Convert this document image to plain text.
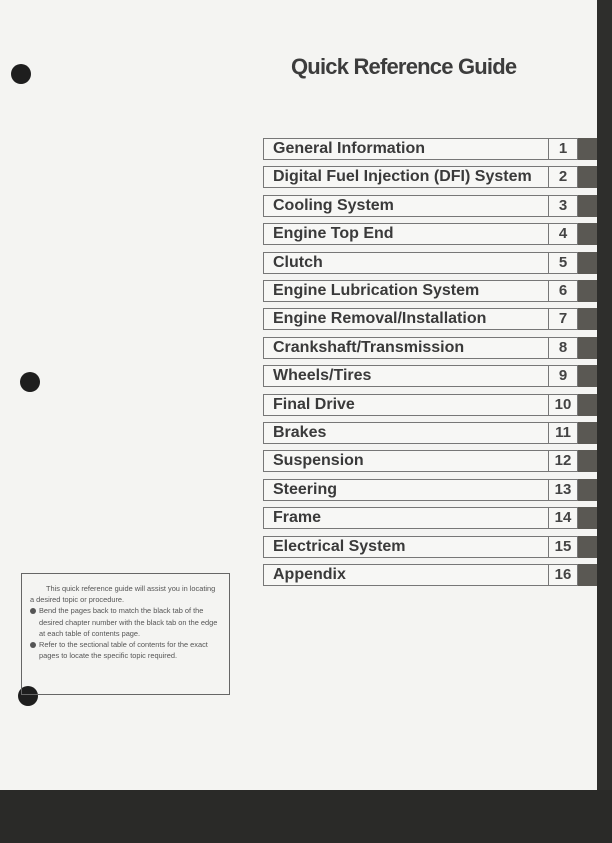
Quick Reference Guide
General Information	1
Digital Fuel Injection (DFI) System	2
Cooling System	3
Engine Top End	4
Clutch	5
Engine Lubrication System	6
Engine Removal/Installation	7
Crankshaft/Transmission	8
Wheels/Tires	9
Final Drive	10
Brakes	11
Suspension	12
Steering	13
Frame	14
Electrical System	15
Appendix	16

This quick reference guide will assist you in locating a desired topic or procedure.

Bend the pages back to match the black tab of the desired chapter number with the black tab on the edge at each table of contents page.
Refer to the sectional table of contents for the exact pages to locate the specific topic required.
